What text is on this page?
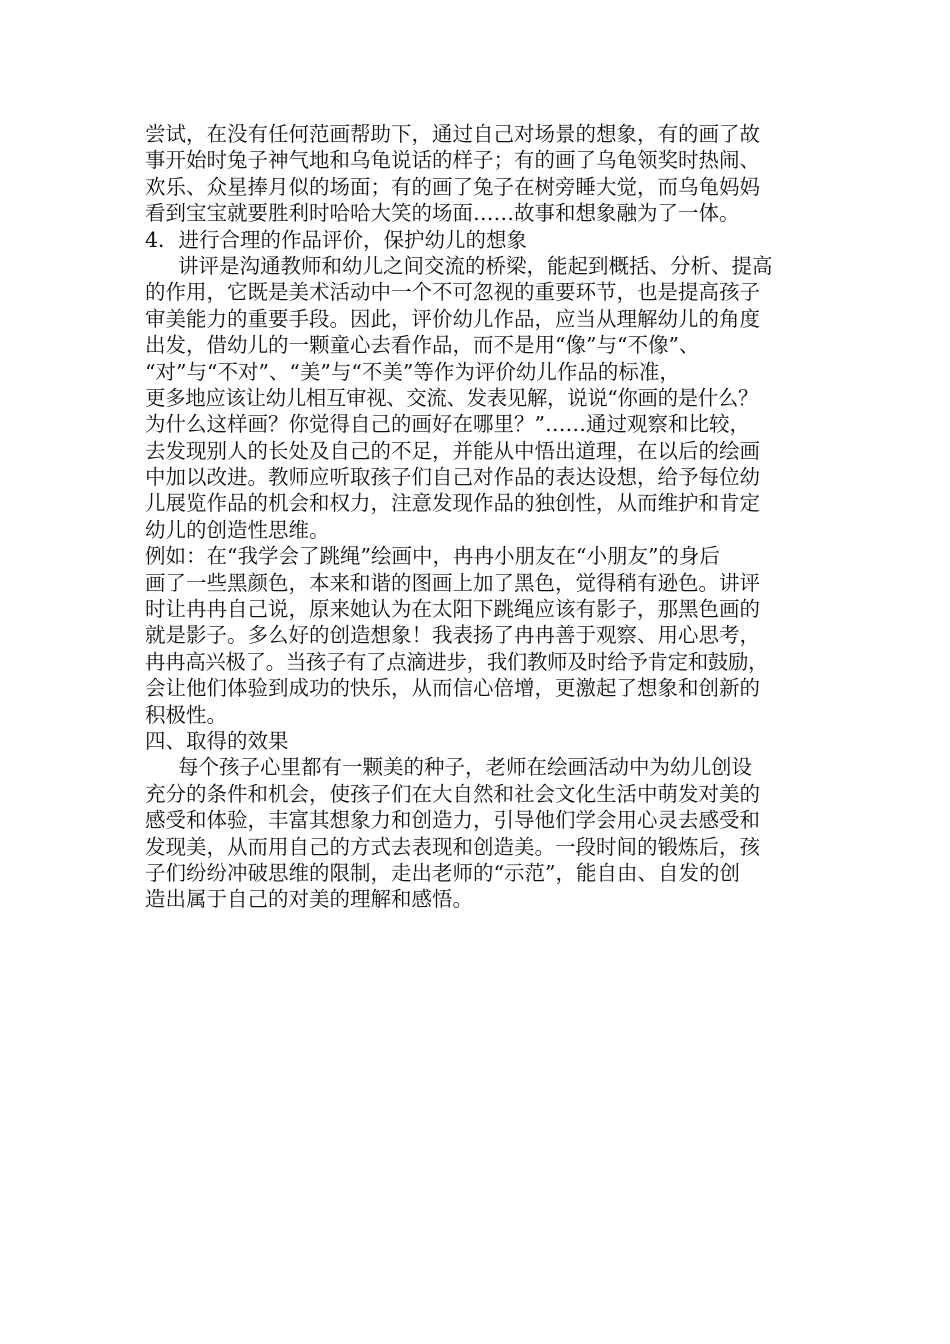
尝试，在没有任何范画帮助下，通过自己对场景的想象，有的画了故
事开始时兔子神气地和乌龟说话的样子；有的画了乌龟领奖时热闹、
欢乐、众星捧月似的场面；有的画了兔子在树旁睡大觉，而乌龟妈妈
看到宝宝就要胜利时哈哈大笑的场面……故事和想象融为了一体。
4．进行合理的作品评价，保护幼儿的想象
讲评是沟通教师和幼儿之间交流的桥梁，能起到概括、分析、提高
的作用，它既是美术活动中一个不可忽视的重要环节，也是提高孩子
审美能力的重要手段。因此，评价幼儿作品，应当从理解幼儿的角度
出发，借幼儿的一颗童心去看作品，而不是用“像”与“不像”、
“对”与“不对”、“美”与“不美”等作为评价幼儿作品的标准，
更多地应该让幼儿相互审视、交流、发表见解，说说“你画的是什么？
为什么这样画？你觉得自己的画好在哪里？”……通过观察和比较，
去发现别人的长处及自己的不足，并能从中悟出道理，在以后的绘画
中加以改进。教师应听取孩子们自己对作品的表达设想，给予每位幼
儿展览作品的机会和权力，注意发现作品的独创性，从而维护和肯定
幼儿的创造性思维。
例如：在“我学会了跳绳”绘画中，冉冉小朋友在“小朋友”的身后
画了一些黑颜色，本来和谐的图画上加了黑色，觉得稍有逊色。讲评
时让冉冉自己说，原来她认为在太阳下跳绳应该有影子，那黑色画的
就是影子。多么好的创造想象！我表扬了冉冉善于观察、用心思考，
冉冉高兴极了。当孩子有了点滴进步，我们教师及时给予肯定和鼓励，
会让他们体验到成功的快乐，从而信心倍增，更激起了想象和创新的
积极性。
四、取得的效果
每个孩子心里都有一颗美的种子，老师在绘画活动中为幼儿创设
充分的条件和机会，使孩子们在大自然和社会文化生活中萌发对美的
感受和体验，丰富其想象力和创造力，引导他们学会用心灵去感受和
发现美，从而用自己的方式去表现和创造美。一段时间的锻炼后，孩
子们纷纷冲破思维的限制，走出老师的“示范”，能自由、自发的创
造出属于自己的对美的理解和感悟。
